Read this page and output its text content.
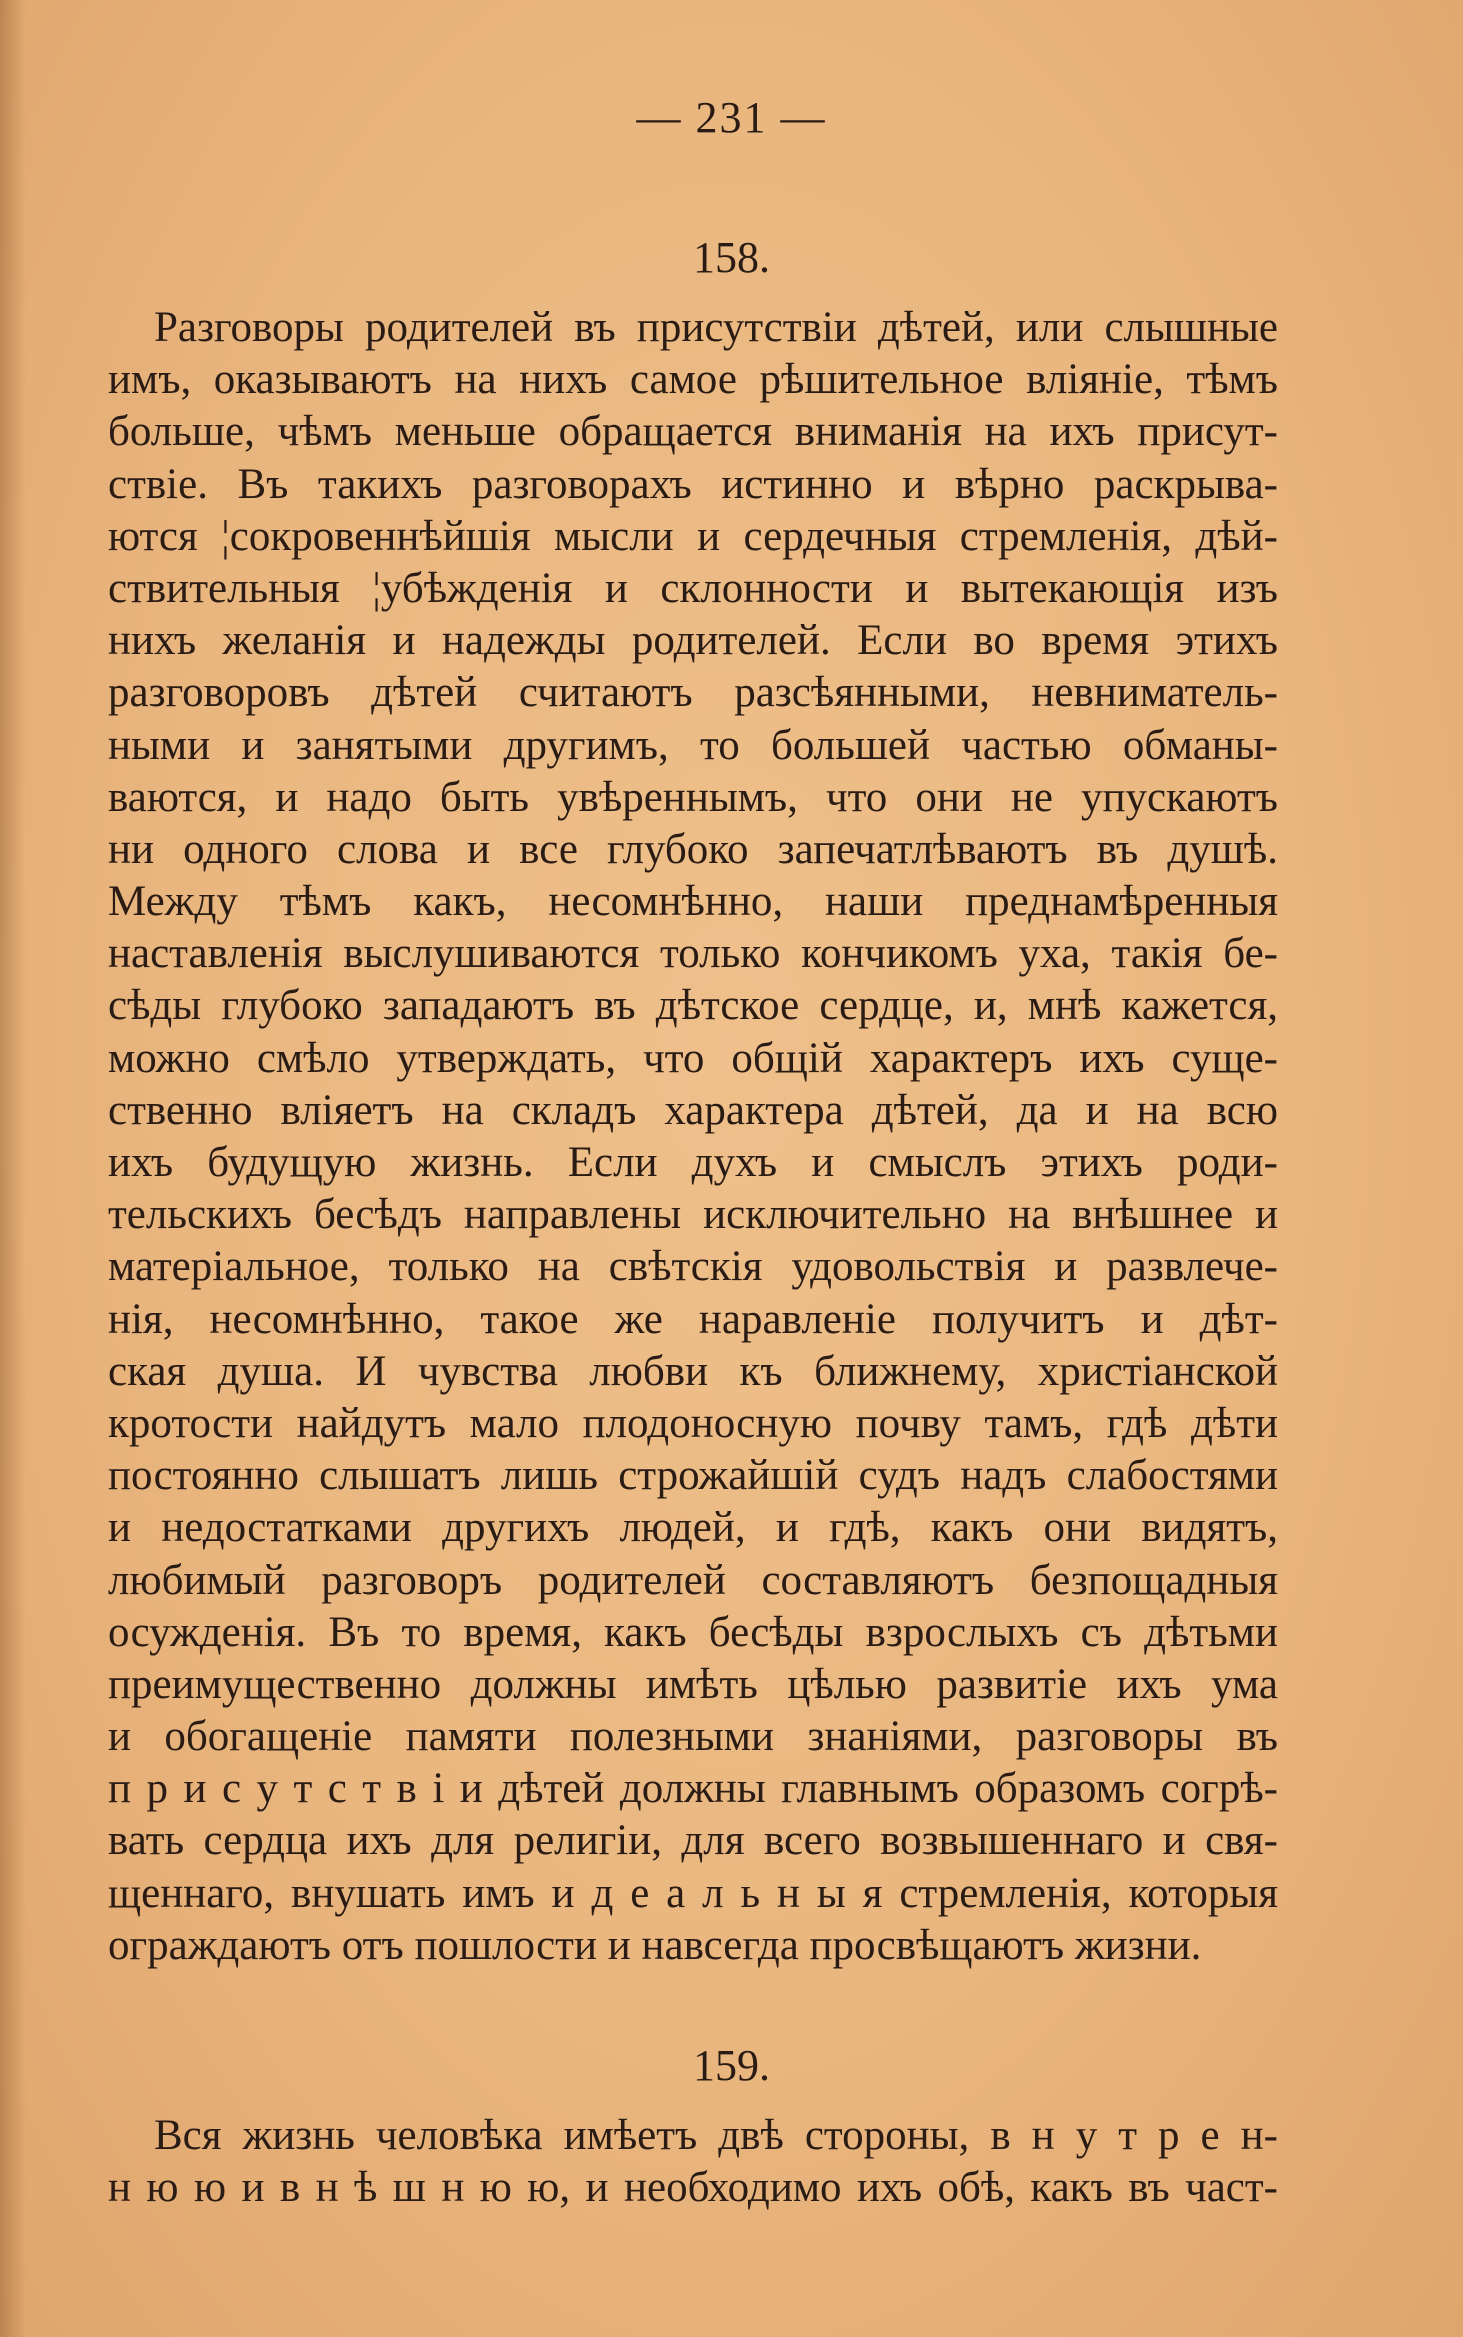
— 231 —
158.
Разговоры родителей въ присутствіи дѣтей, или слышные
имъ, оказываютъ на нихъ самое рѣшительное вліяніе, тѣмъ
больше, чѣмъ меньше обращается вниманія на ихъ присут-
ствіе. Въ такихъ разговорахъ истинно и вѣрно раскрыва-
ются ¦сокровеннѣйшія мысли и сердечныя стремленія, дѣй-
ствительныя ¦убѣжденія и склонности и вытекающія изъ
нихъ желанія и надежды родителей. Если во время этихъ
разговоровъ дѣтей считаютъ разсѣянными, невниматель-
ными и занятыми другимъ, то большей частью обманы-
ваются, и надо быть увѣреннымъ, что они не упускаютъ
ни одного слова и все глубоко запечатлѣваютъ въ душѣ.
Между тѣмъ какъ, несомнѣнно, наши преднамѣренныя
наставленія выслушиваются только кончикомъ уха, такія бе-
сѣды глубоко западаютъ въ дѣтское сердце, и, мнѣ кажется,
можно смѣло утверждать, что общій характеръ ихъ суще-
ственно вліяетъ на складъ характера дѣтей, да и на всю
ихъ будущую жизнь. Если духъ и смыслъ этихъ роди-
тельскихъ бесѣдъ направлены исключительно на внѣшнее и
матеріальное, только на свѣтскія удовольствія и развлече-
нія, несомнѣнно, такое же наравленіе получитъ и дѣт-
ская душа. И чувства любви къ ближнему, христіанской
кротости найдутъ мало плодоносную почву тамъ, гдѣ дѣти
постоянно слышатъ лишь строжайшій судъ надъ слабостями
и недостатками другихъ людей, и гдѣ, какъ они видятъ,
любимый разговоръ родителей составляютъ безпощадныя
осужденія. Въ то время, какъ бесѣды взрослыхъ съ дѣтьми
преимущественно должны имѣть цѣлью развитіе ихъ ума
и обогащеніе памяти полезными знаніями, разговоры въ
п р и с у т с т в і и дѣтей должны главнымъ образомъ согрѣ-
вать сердца ихъ для религіи, для всего возвышеннаго и свя-
щеннаго, внушать имъ и д е а л ь н ы я стремленія, которыя
ограждаютъ отъ пошлости и навсегда просвѣщаютъ жизни.
159.
Вся жизнь человѣка имѣетъ двѣ стороны, в н у т р е н-
н ю ю и в н ѣ ш н ю ю, и необходимо ихъ обѣ, какъ въ част-
